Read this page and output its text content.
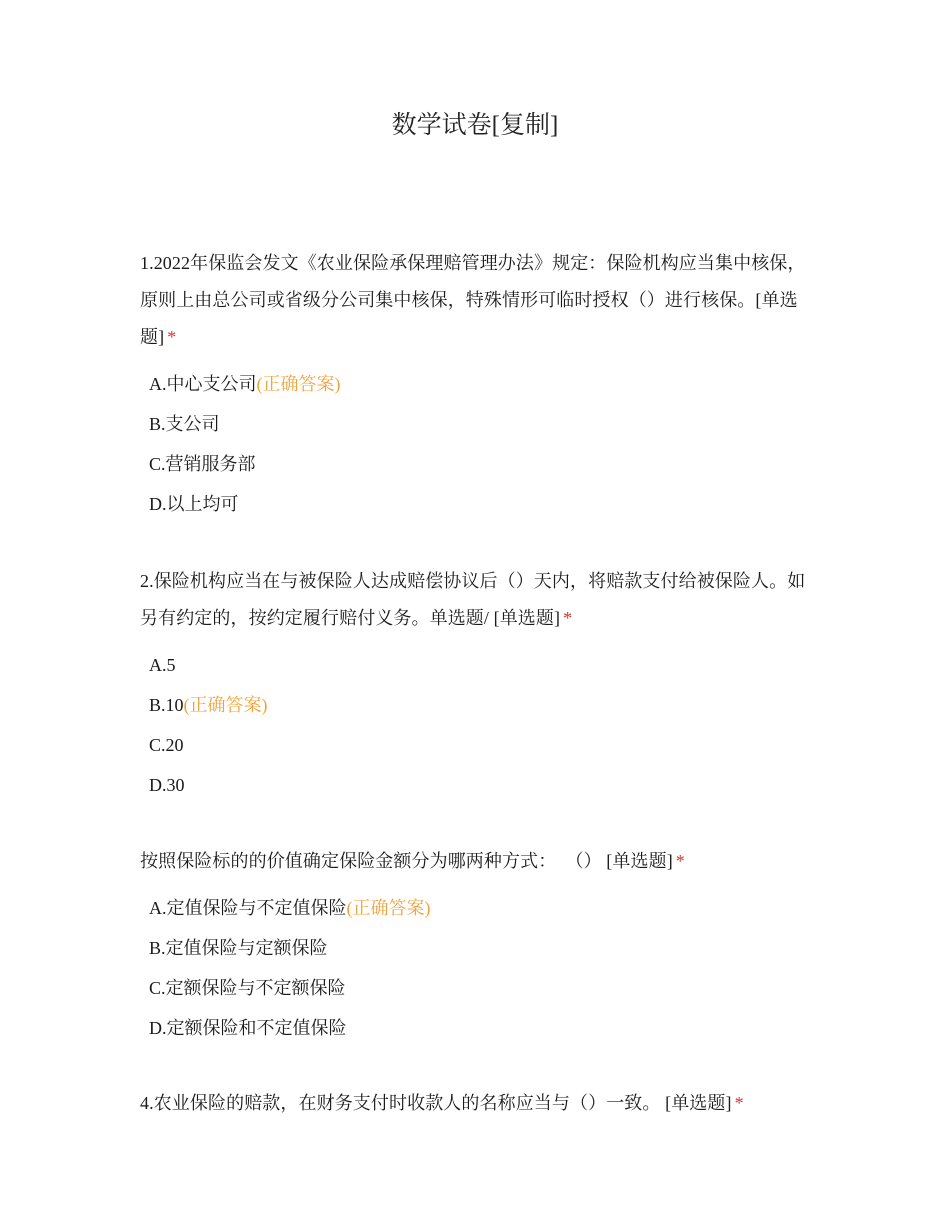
数学试卷[复制]

1.2022年保监会发文《农业保险承保理赔管理办法》规定：保险机构应当集中核保，原则上由总公司或省级分公司集中核保，特殊情形可临时授权（）进行核保。[单选题] *

A.中心支公司(正确答案)
B.支公司
C.营销服务部
D.以上均可

2.保险机构应当在与被保险人达成赔偿协议后（）天内，将赔款支付给被保险人。如另有约定的，按约定履行赔付义务。单选题/ [单选题] *

A.5
B.10(正确答案)
C.20
D.30

按照保险标的的价值确定保险金额分为哪两种方式：  （） [单选题] *

A.定值保险与不定值保险(正确答案)
B.定值保险与定额保险
C.定额保险与不定额保险
D.定额保险和不定值保险

4.农业保险的赔款，在财务支付时收款人的名称应当与（）一致。 [单选题] *
